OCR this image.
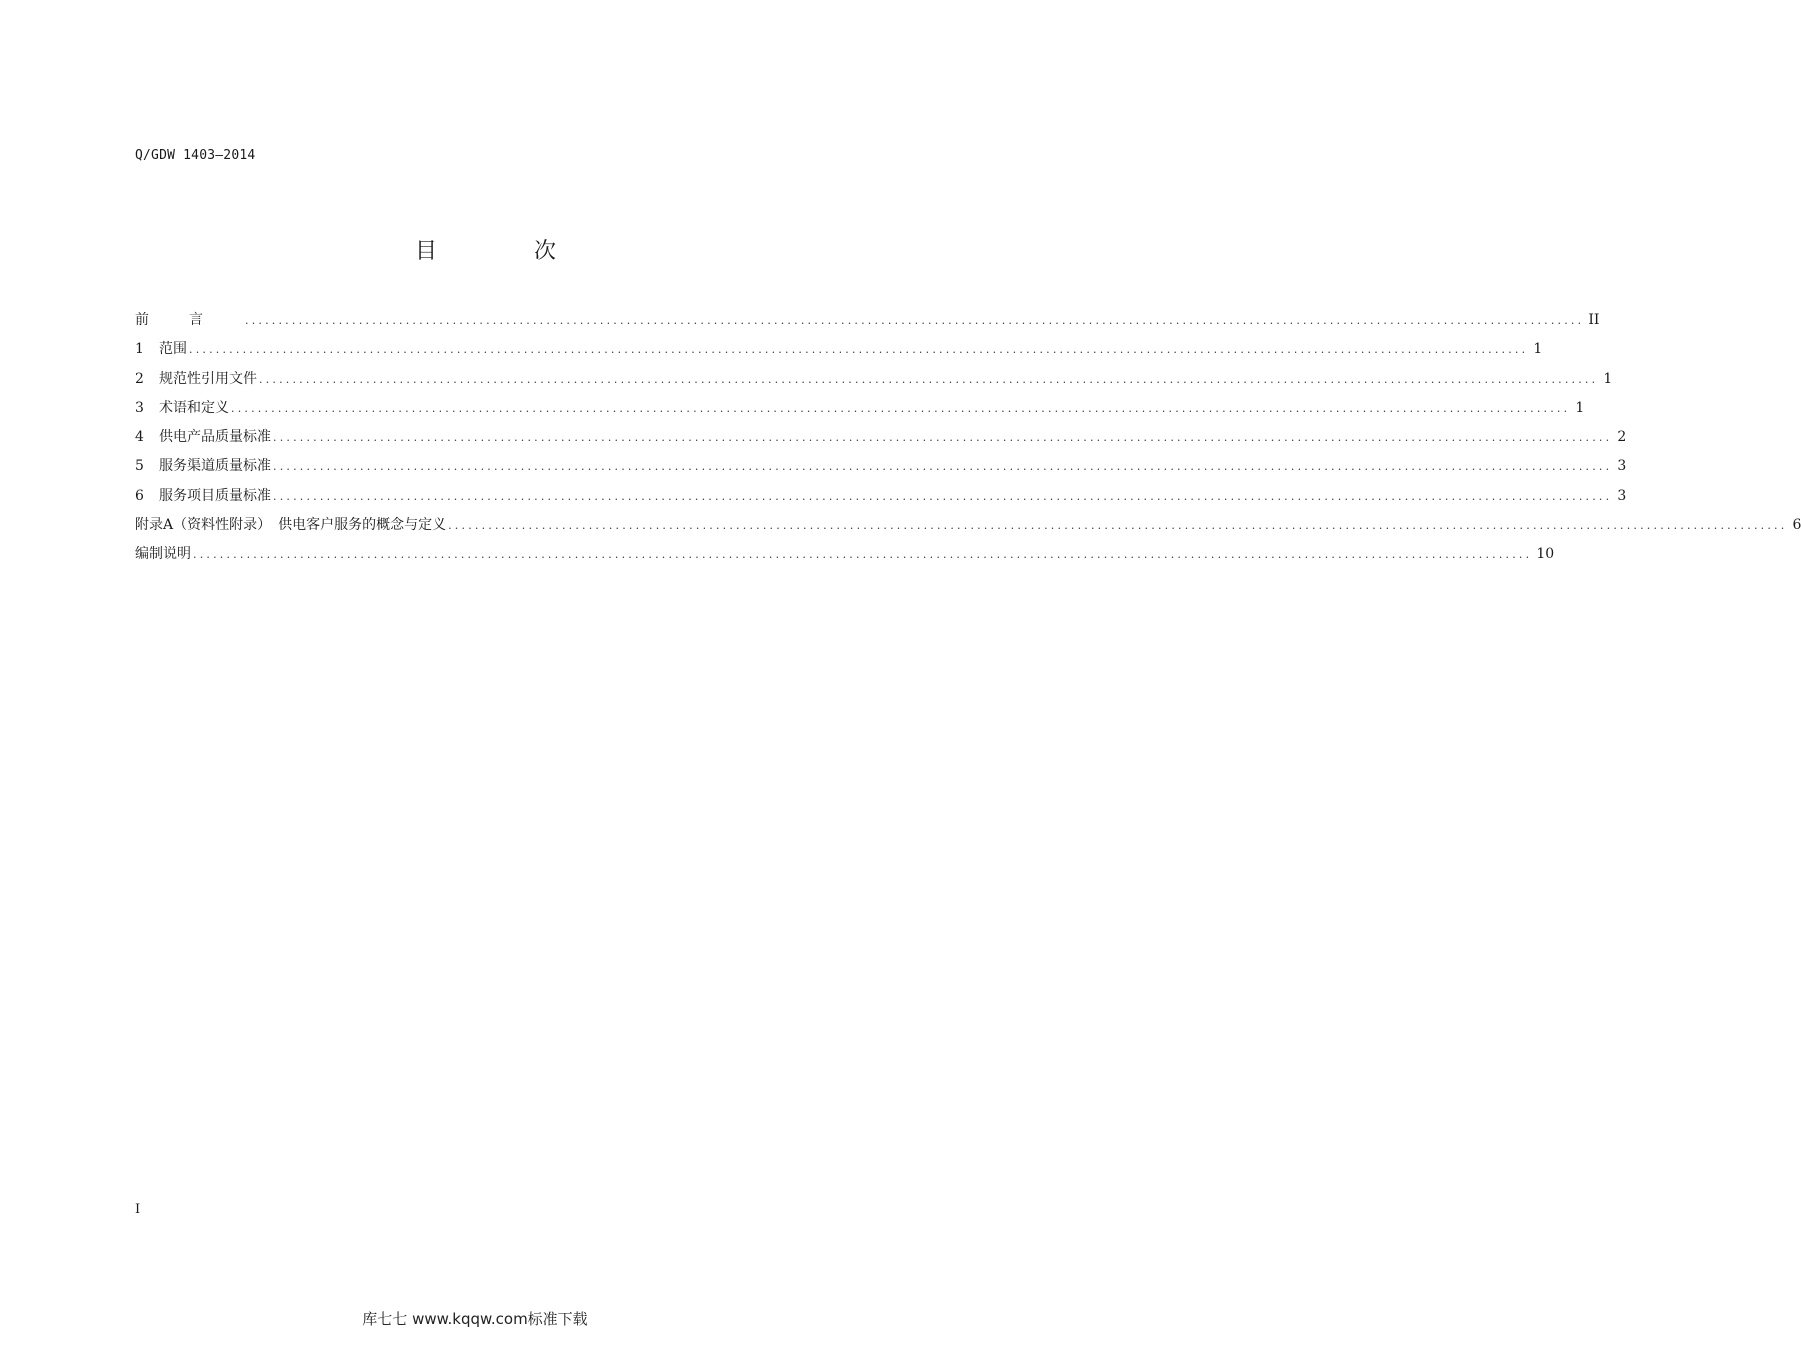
Q/GDW 1403—2014
目	次
前言 ........................................................................................................................................................................................................ II
1	范围 ........................................................................................................................................................................................................ 1
2	规范性引用文件 ........................................................................................................................................................................................................ 1
3	术语和定义 ........................................................................................................................................................................................................ 1
4	供电产品质量标准 ........................................................................................................................................................................................................ 2
5	服务渠道质量标准 ........................................................................................................................................................................................................ 3
6	服务项目质量标准 ........................................................................................................................................................................................................ 3
附录A（资料性附录）　供电客户服务的概念与定义 ........................................................................................................................................................................................................ 6
编制说明 ........................................................................................................................................................................................................ 10
I
库七七 www.kqqw.com标准下载
